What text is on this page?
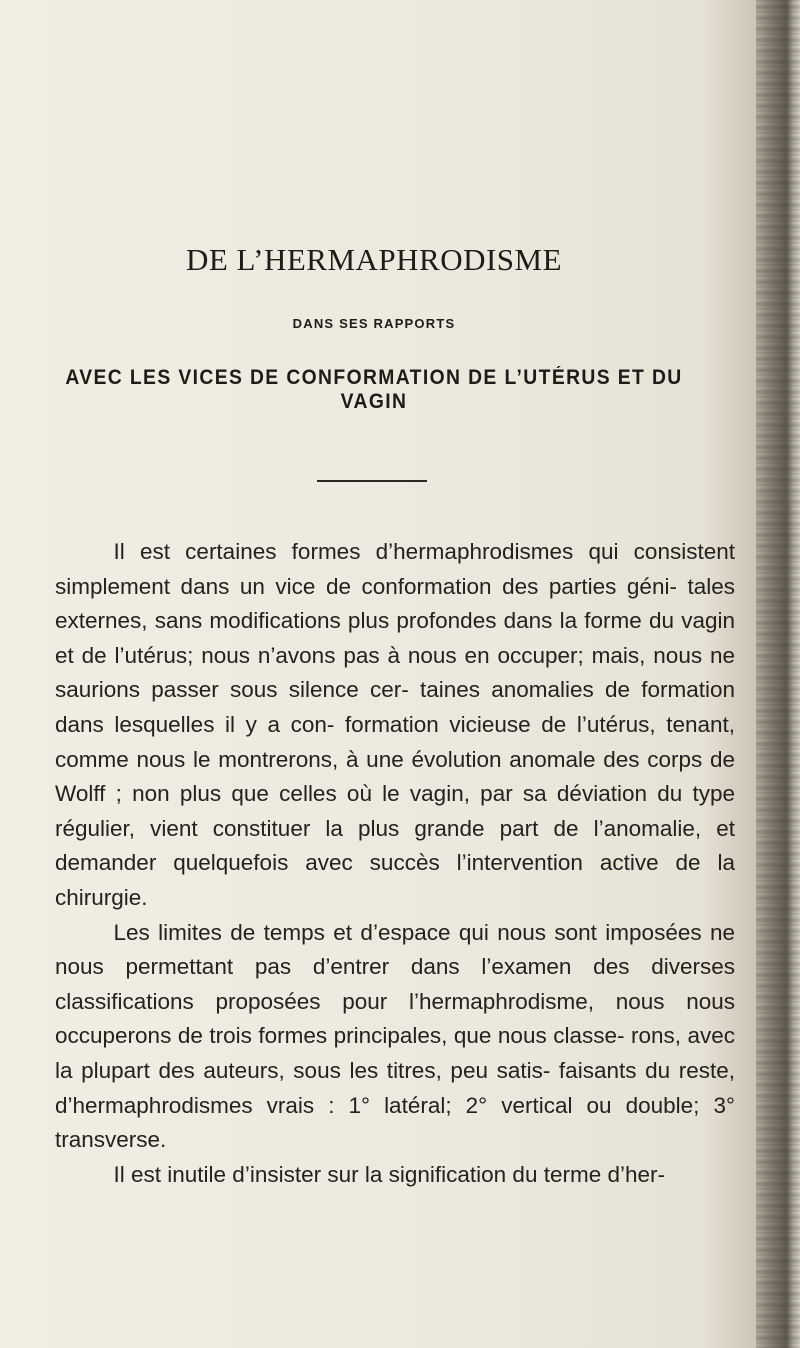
DE L’HERMAPHRODISME
DANS SES RAPPORTS
AVEC LES VICES DE CONFORMATION DE L’UTÉRUS ET DU VAGIN

Il est certaines formes d’hermaphrodismes qui consistent simplement dans un vice de conformation des parties géni- tales externes, sans modifications plus profondes dans la forme du vagin et de l’utérus; nous n’avons pas à nous en occuper; mais, nous ne saurions passer sous silence cer- taines anomalies de formation dans lesquelles il y a con- formation vicieuse de l’utérus, tenant, comme nous le montrerons, à une évolution anomale des corps de Wolff ; non plus que celles où le vagin, par sa déviation du type régulier, vient constituer la plus grande part de l’anomalie, et demander quelquefois avec succès l’intervention active de la chirurgie.

Les limites de temps et d’espace qui nous sont imposées ne nous permettant pas d’entrer dans l’examen des diverses classifications proposées pour l’hermaphrodisme, nous nous occuperons de trois formes principales, que nous classe- rons, avec la plupart des auteurs, sous les titres, peu satis- faisants du reste, d’hermaphrodismes vrais : 1° latéral; 2° vertical ou double; 3° transverse.

Il est inutile d’insister sur la signification du terme d’her-
